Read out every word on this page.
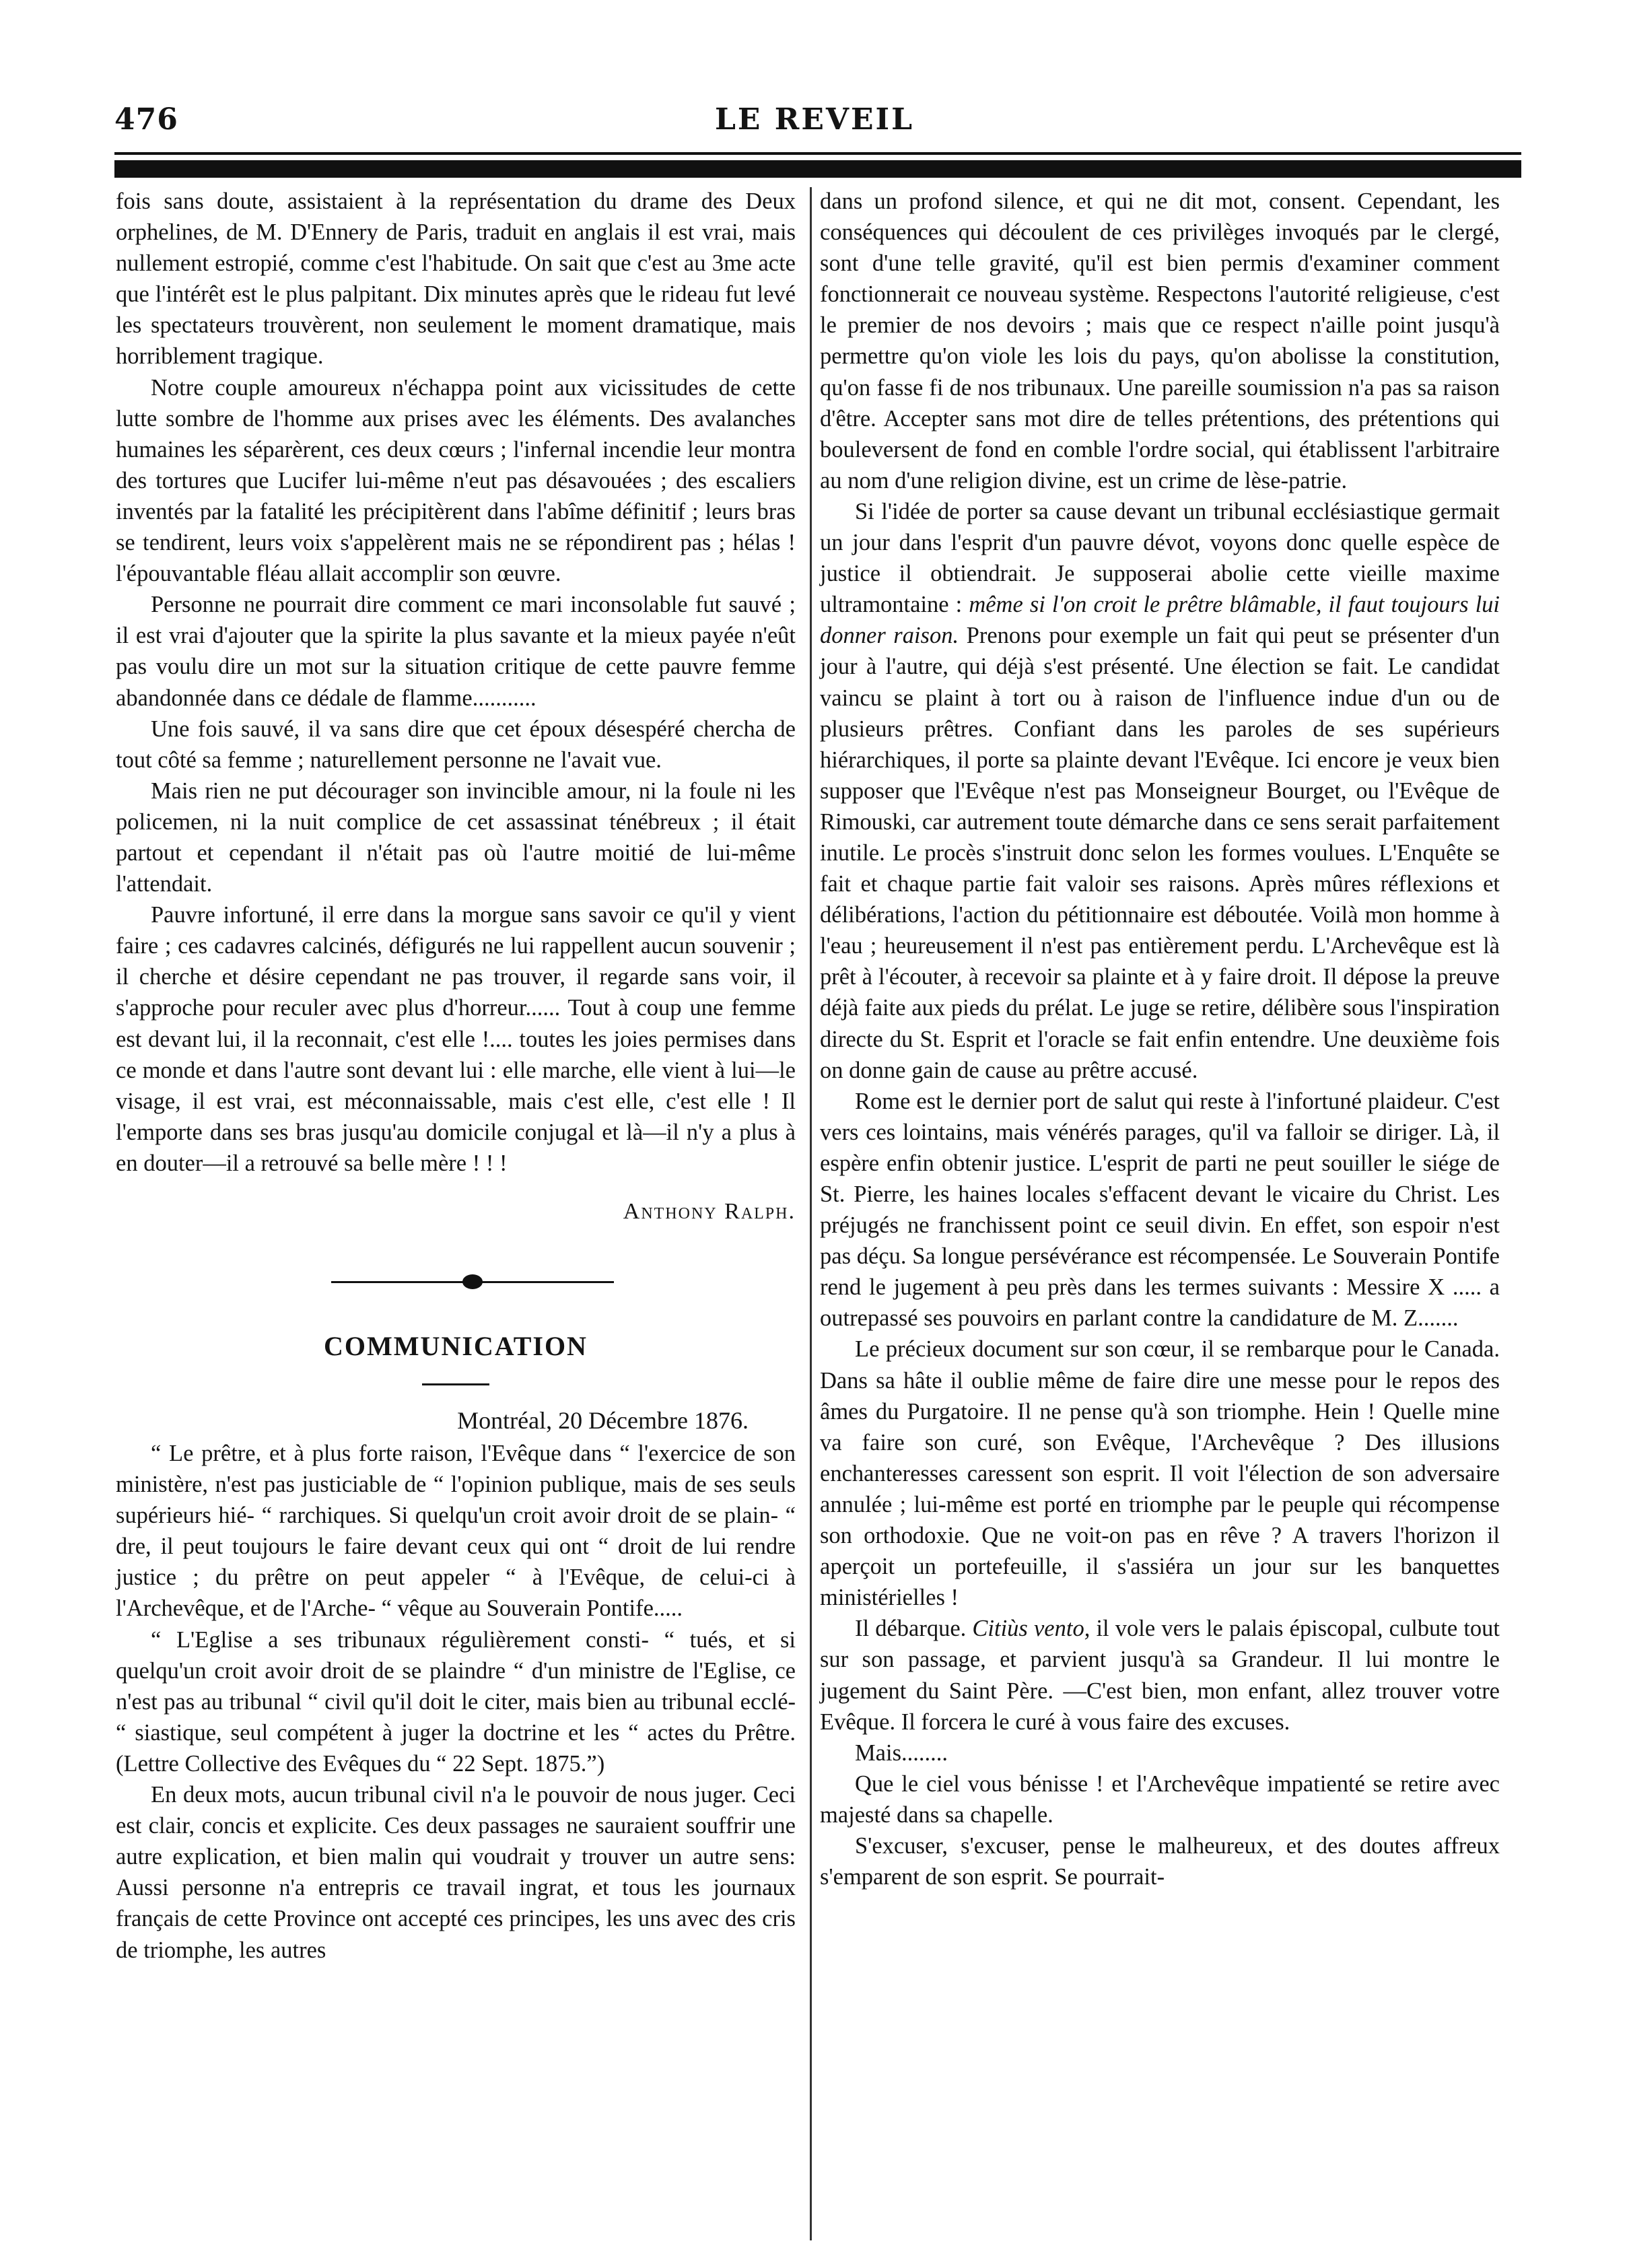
476	LE REVEIL

fois sans doute, assistaient à la représentation du drame des Deux orphelines, de M. D'Ennery de Paris, traduit en anglais il est vrai, mais nullement estropié, comme c'est l'habitude. On sait que c'est au 3me acte que l'intérêt est le plus palpitant. Dix minutes après que le rideau fut levé les spectateurs trouvèrent, non seulement le moment dramatique, mais horriblement tragique.

Notre couple amoureux n'échappa point aux vicissitudes de cette lutte sombre de l'homme aux prises avec les éléments. Des avalanches humaines les séparèrent, ces deux cœurs ; l'infernal incendie leur montra des tortures que Lucifer lui-même n'eut pas désavouées ; des escaliers inventés par la fatalité les précipitèrent dans l'abîme définitif ; leurs bras se tendirent, leurs voix s'appelèrent mais ne se répondirent pas ; hélas ! l'épouvantable fléau allait accomplir son œuvre.

Personne ne pourrait dire comment ce mari inconsolable fut sauvé ; il est vrai d'ajouter que la spirite la plus savante et la mieux payée n'eût pas voulu dire un mot sur la situation critique de cette pauvre femme abandonnée dans ce dédale de flamme...........

Une fois sauvé, il va sans dire que cet époux désespéré chercha de tout côté sa femme ; naturellement personne ne l'avait vue.

Mais rien ne put décourager son invincible amour, ni la foule ni les policemen, ni la nuit complice de cet assassinat ténébreux ; il était partout et cependant il n'était pas où l'autre moitié de lui-même l'attendait.

Pauvre infortuné, il erre dans la morgue sans savoir ce qu'il y vient faire ; ces cadavres calcinés, défigurés ne lui rappellent aucun souvenir ; il cherche et désire cependant ne pas trouver, il regarde sans voir, il s'approche pour reculer avec plus d'horreur...... Tout à coup une femme est devant lui, il la reconnait, c'est elle !.... toutes les joies permises dans ce monde et dans l'autre sont devant lui : elle marche, elle vient à lui—le visage, il est vrai, est méconnaissable, mais c'est elle, c'est elle ! Il l'emporte dans ses bras jusqu'au domicile conjugal et là—il n'y a plus à en douter—il a retrouvé sa belle mère ! ! !

Anthony Ralph.

COMMUNICATION

Montréal, 20 Décembre 1876.

“ Le prêtre, et à plus forte raison, l'Evêque dans “ l'exercice de son ministère, n'est pas justiciable de “ l'opinion publique, mais de ses seuls supérieurs hié- “ rarchiques. Si quelqu'un croit avoir droit de se plain- “ dre, il peut toujours le faire devant ceux qui ont “ droit de lui rendre justice ; du prêtre on peut appeler “ à l'Evêque, de celui-ci à l'Archevêque, et de l'Arche- “ vêque au Souverain Pontife.....

“ L'Eglise a ses tribunaux régulièrement consti- “ tués, et si quelqu'un croit avoir droit de se plaindre “ d'un ministre de l'Eglise, ce n'est pas au tribunal “ civil qu'il doit le citer, mais bien au tribunal ecclé- “ siastique, seul compétent à juger la doctrine et les “ actes du Prêtre. (Lettre Collective des Evêques du “ 22 Sept. 1875.”)

En deux mots, aucun tribunal civil n'a le pouvoir de nous juger. Ceci est clair, concis et explicite. Ces deux passages ne sauraient souffrir une autre explication, et bien malin qui voudrait y trouver un autre sens: Aussi personne n'a entrepris ce travail ingrat, et tous les journaux français de cette Province ont accepté ces principes, les uns avec des cris de triomphe, les autres

dans un profond silence, et qui ne dit mot, consent. Cependant, les conséquences qui découlent de ces privilèges invoqués par le clergé, sont d'une telle gravité, qu'il est bien permis d'examiner comment fonctionnerait ce nouveau système. Respectons l'autorité religieuse, c'est le premier de nos devoirs ; mais que ce respect n'aille point jusqu'à permettre qu'on viole les lois du pays, qu'on abolisse la constitution, qu'on fasse fi de nos tribunaux. Une pareille soumission n'a pas sa raison d'être. Accepter sans mot dire de telles prétentions, des prétentions qui bouleversent de fond en comble l'ordre social, qui établissent l'arbitraire au nom d'une religion divine, est un crime de lèse-patrie.

Si l'idée de porter sa cause devant un tribunal ecclésiastique germait un jour dans l'esprit d'un pauvre dévot, voyons donc quelle espèce de justice il obtiendrait. Je supposerai abolie cette vieille maxime ultramontaine : même si l'on croit le prêtre blâmable, il faut toujours lui donner raison. Prenons pour exemple un fait qui peut se présenter d'un jour à l'autre, qui déjà s'est présenté. Une élection se fait. Le candidat vaincu se plaint à tort ou à raison de l'influence indue d'un ou de plusieurs prêtres. Confiant dans les paroles de ses supérieurs hiérarchiques, il porte sa plainte devant l'Evêque. Ici encore je veux bien supposer que l'Evêque n'est pas Monseigneur Bourget, ou l'Evêque de Rimouski, car autrement toute démarche dans ce sens serait parfaitement inutile. Le procès s'instruit donc selon les formes voulues. L'Enquête se fait et chaque partie fait valoir ses raisons. Après mûres réflexions et délibérations, l'action du pétitionnaire est déboutée. Voilà mon homme à l'eau ; heureusement il n'est pas entièrement perdu. L'Archevêque est là prêt à l'écouter, à recevoir sa plainte et à y faire droit. Il dépose la preuve déjà faite aux pieds du prélat. Le juge se retire, délibère sous l'inspiration directe du St. Esprit et l'oracle se fait enfin entendre. Une deuxième fois on donne gain de cause au prêtre accusé.

Rome est le dernier port de salut qui reste à l'infortuné plaideur. C'est vers ces lointains, mais vénérés parages, qu'il va falloir se diriger. Là, il espère enfin obtenir justice. L'esprit de parti ne peut souiller le siége de St. Pierre, les haines locales s'effacent devant le vicaire du Christ. Les préjugés ne franchissent point ce seuil divin. En effet, son espoir n'est pas déçu. Sa longue persévérance est récompensée. Le Souverain Pontife rend le jugement à peu près dans les termes suivants : Messire X ..... a outrepassé ses pouvoirs en parlant contre la candidature de M. Z.......

Le précieux document sur son cœur, il se rembarque pour le Canada. Dans sa hâte il oublie même de faire dire une messe pour le repos des âmes du Purgatoire. Il ne pense qu'à son triomphe. Hein ! Quelle mine va faire son curé, son Evêque, l'Archevêque ? Des illusions enchanteresses caressent son esprit. Il voit l'élection de son adversaire annulée ; lui-même est porté en triomphe par le peuple qui récompense son orthodoxie. Que ne voit-on pas en rêve ? A travers l'horizon il aperçoit un portefeuille, il s'assiéra un jour sur les banquettes ministérielles !

Il débarque. Citiùs vento, il vole vers le palais épiscopal, culbute tout sur son passage, et parvient jusqu'à sa Grandeur. Il lui montre le jugement du Saint Père. —C'est bien, mon enfant, allez trouver votre Evêque. Il forcera le curé à vous faire des excuses.

Mais........

Que le ciel vous bénisse ! et l'Archevêque impatienté se retire avec majesté dans sa chapelle.

S'excuser, s'excuser, pense le malheureux, et des doutes affreux s'emparent de son esprit. Se pourrait-
